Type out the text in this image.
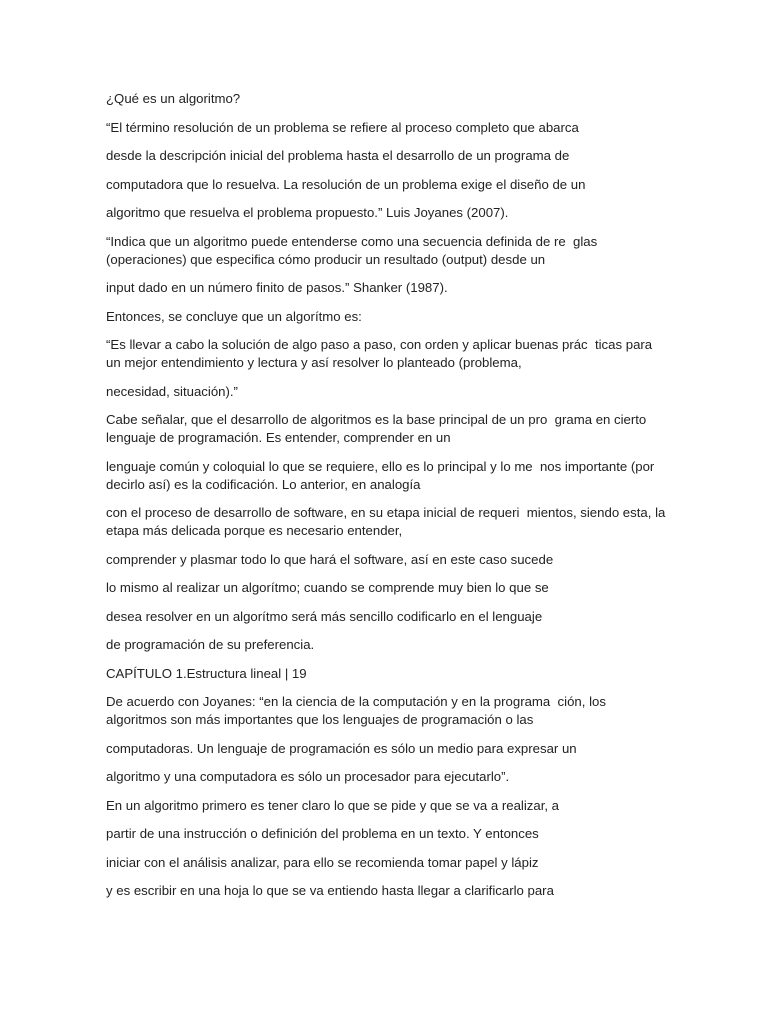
¿Qué es un algoritmo?

“El término resolución de un problema se refiere al proceso completo que abarca

desde la descripción inicial del problema hasta el desarrollo de un programa de

computadora que lo resuelva. La resolución de un problema exige el diseño de un

algoritmo que resuelva el problema propuesto.” Luis Joyanes (2007).

“Indica que un algoritmo puede entenderse como una secuencia definida de re  glas (operaciones) que especifica cómo producir un resultado (output) desde un

input dado en un número finito de pasos.” Shanker (1987).

Entonces, se concluye que un algorítmo es:

“Es llevar a cabo la solución de algo paso a paso, con orden y aplicar buenas prác  ticas para un mejor entendimiento y lectura y así resolver lo planteado (problema,

necesidad, situación).”

Cabe señalar, que el desarrollo de algoritmos es la base principal de un pro  grama en cierto lenguaje de programación. Es entender, comprender en un

lenguaje común y coloquial lo que se requiere, ello es lo principal y lo me  nos importante (por decirlo así) es la codificación. Lo anterior, en analogía

con el proceso de desarrollo de software, en su etapa inicial de requeri  mientos, siendo esta, la etapa más delicada porque es necesario entender,

comprender y plasmar todo lo que hará el software, así en este caso sucede

lo mismo al realizar un algorítmo; cuando se comprende muy bien lo que se

desea resolver en un algorítmo será más sencillo codificarlo en el lenguaje

de programación de su preferencia.

CAPÍTULO 1.Estructura lineal | 19

De acuerdo con Joyanes: “en la ciencia de la computación y en la programa  ción, los algoritmos son más importantes que los lenguajes de programación o las

computadoras. Un lenguaje de programación es sólo un medio para expresar un

algoritmo y una computadora es sólo un procesador para ejecutarlo”.

En un algoritmo primero es tener claro lo que se pide y que se va a realizar, a

partir de una instrucción o definición del problema en un texto. Y entonces

iniciar con el análisis analizar, para ello se recomienda tomar papel y lápiz

y es escribir en una hoja lo que se va entiendo hasta llegar a clarificarlo para
